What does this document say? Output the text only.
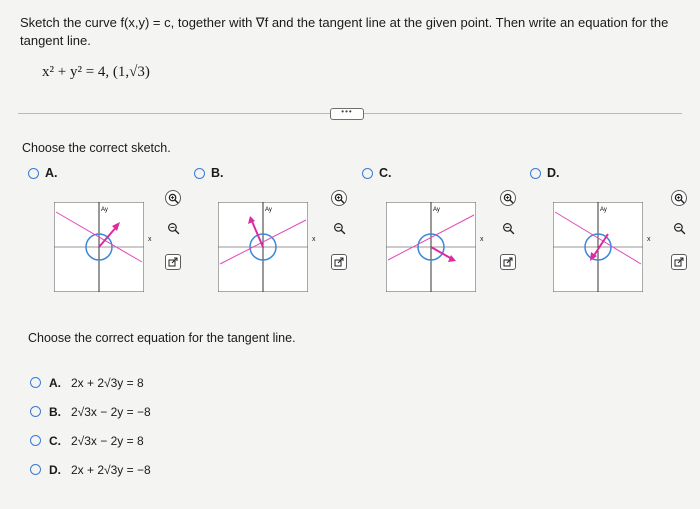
Sketch the curve f(x,y) = c, together with ∇f and the tangent line at the given point. Then write an equation for the tangent line.
x² + y² = 4, (1,√3)
•••
Choose the correct sketch.
A.
Ay
x
B.
Ay
x
C.
Ay
x
D.
Ay
x
Choose the correct equation for the tangent line.
A. 2x + 2√3y = 8
B. 2√3x − 2y = −8
C. 2√3x − 2y = 8
D. 2x + 2√3y = −8
